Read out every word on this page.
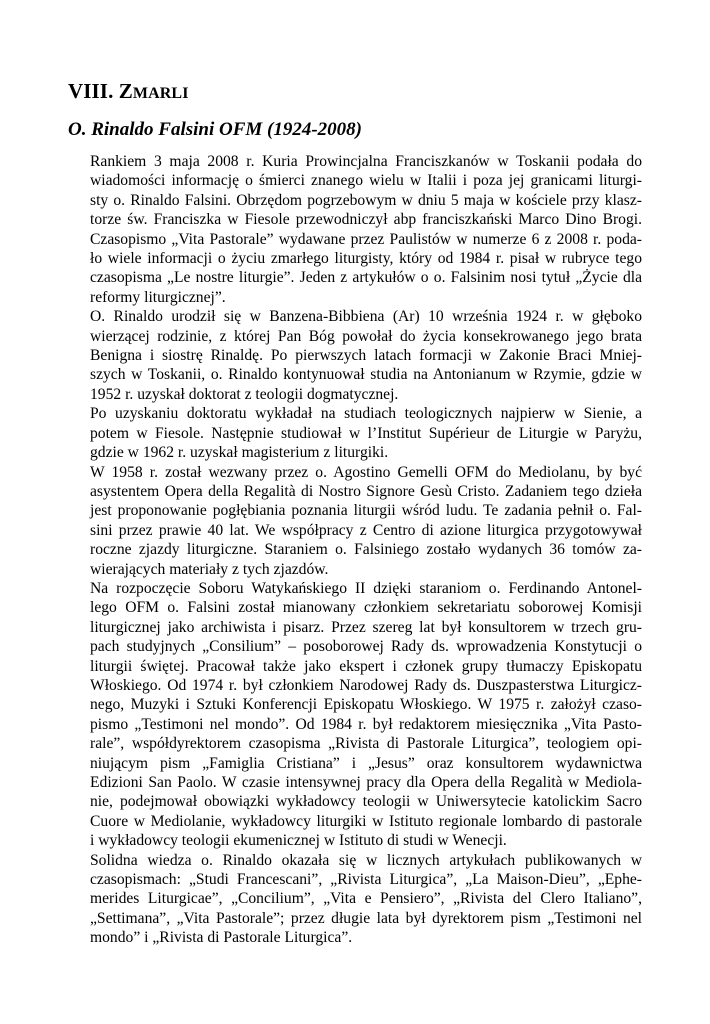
VIII. ZMARLI
O. Rinaldo Falsini OFM (1924-2008)

Rankiem 3 maja 2008 r. Kuria Prowincjalna Franciszkanów w Toskanii podała do
wiadomości informację o śmierci znanego wielu w Italii i poza jej granicami liturgi-
sty o. Rinaldo Falsini. Obrzędom pogrzebowym w dniu 5 maja w kościele przy klasz-
torze św. Franciszka w Fiesole przewodniczył abp franciszkański Marco Dino Brogi.
Czasopismo „Vita Pastorale” wydawane przez Paulistów w numerze 6 z 2008 r. poda-
ło wiele informacji o życiu zmarłego liturgisty, który od 1984 r. pisał w rubryce tego
czasopisma „Le nostre liturgie”. Jeden z artykułów o o. Falsinim nosi tytuł „Życie dla
reformy liturgicznej”.

O. Rinaldo urodził się w Banzena-Bibbiena (Ar) 10 września 1924 r. w głęboko
wierzącej rodzinie, z której Pan Bóg powołał do życia konsekrowanego jego brata
Benigna i siostrę Rinaldę. Po pierwszych latach formacji w Zakonie Braci Mniej-
szych w Toskanii, o. Rinaldo kontynuował studia na Antonianum w Rzymie, gdzie w
1952 r. uzyskał doktorat z teologii dogmatycznej.

Po uzyskaniu doktoratu wykładał na studiach teologicznych najpierw w Sienie, a
potem w Fiesole. Następnie studiował w l’Institut Supérieur de Liturgie w Paryżu,
gdzie w 1962 r. uzyskał magisterium z liturgiki.

W 1958 r. został wezwany przez o. Agostino Gemelli OFM do Mediolanu, by być
asystentem Opera della Regalità di Nostro Signore Gesù Cristo. Zadaniem tego dzieła
jest proponowanie pogłębiania poznania liturgii wśród ludu. Te zadania pełnił o. Fal-
sini przez prawie 40 lat. We współpracy z Centro di azione liturgica przygotowywał
roczne zjazdy liturgiczne. Staraniem o. Falsiniego zostało wydanych 36 tomów za-
wierających materiały z tych zjazdów.

Na rozpoczęcie Soboru Watykańskiego II dzięki staraniom o. Ferdinando Antonel-
lego OFM o. Falsini został mianowany członkiem sekretariatu soborowej Komisji
liturgicznej jako archiwista i pisarz. Przez szereg lat był konsultorem w trzech gru-
pach studyjnych „Consilium” – posoborowej Rady ds. wprowadzenia Konstytucji o
liturgii świętej. Pracował także jako ekspert i członek grupy tłumaczy Episkopatu
Włoskiego. Od 1974 r. był członkiem Narodowej Rady ds. Duszpasterstwa Liturgicz-
nego, Muzyki i Sztuki Konferencji Episkopatu Włoskiego. W 1975 r. założył czaso-
pismo „Testimoni nel mondo”. Od 1984 r. był redaktorem miesięcznika „Vita Pasto-
rale”, współdyrektorem czasopisma „Rivista di Pastorale Liturgica”, teologiem opi-
niującym pism „Famiglia Cristiana” i „Jesus” oraz konsultorem wydawnictwa
Edizioni San Paolo. W czasie intensywnej pracy dla Opera della Regalità w Mediola-
nie, podejmował obowiązki wykładowcy teologii w Uniwersytecie katolickim Sacro
Cuore w Mediolanie, wykładowcy liturgiki w Istituto regionale lombardo di pastorale
i wykładowcy teologii ekumenicznej w Istituto di studi w Wenecji.

Solidna wiedza o. Rinaldo okazała się w licznych artykułach publikowanych w
czasopismach: „Studi Francescani”, „Rivista Liturgica”, „La Maison-Dieu”, „Ephe-
merides Liturgicae”, „Concilium”, „Vita e Pensiero”, „Rivista del Clero Italiano”,
„Settimana”, „Vita Pastorale”; przez długie lata był dyrektorem pism „Testimoni nel
mondo” i „Rivista di Pastorale Liturgica”.
